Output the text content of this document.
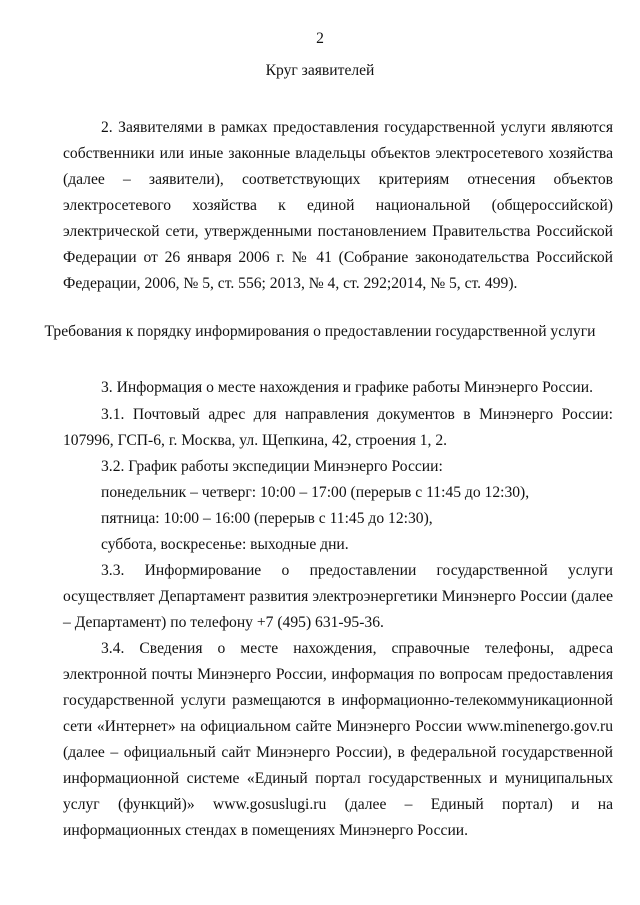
2
Круг заявителей
2. Заявителями в рамках предоставления государственной услуги являются собственники или иные законные владельцы объектов электросетевого хозяйства (далее – заявители), соответствующих критериям отнесения объектов электросетевого хозяйства к единой национальной (общероссийской) электрической сети, утвержденными постановлением Правительства Российской Федерации от 26 января 2006 г. № 41 (Собрание законодательства Российской Федерации, 2006, № 5, ст. 556; 2013, № 4, ст. 292;2014, № 5, ст. 499).
Требования к порядку информирования о предоставлении государственной услуги
3. Информация о месте нахождения и графике работы Минэнерго России.
3.1. Почтовый адрес для направления документов в Минэнерго России: 107996, ГСП-6, г. Москва, ул. Щепкина, 42, строения 1, 2.
3.2. График работы экспедиции Минэнерго России:
понедельник – четверг: 10:00 – 17:00 (перерыв с 11:45 до 12:30),
пятница: 10:00 – 16:00 (перерыв с 11:45 до 12:30),
суббота, воскресенье: выходные дни.
3.3. Информирование о предоставлении государственной услуги осуществляет Департамент развития электроэнергетики Минэнерго России (далее – Департамент) по телефону +7 (495) 631-95-36.
3.4. Сведения о месте нахождения, справочные телефоны, адреса электронной почты Минэнерго России, информация по вопросам предоставления государственной услуги размещаются в информационно-телекоммуникационной сети «Интернет» на официальном сайте Минэнерго России www.minenergo.gov.ru (далее – официальный сайт Минэнерго России), в федеральной государственной информационной системе «Единый портал государственных и муниципальных услуг (функций)» www.gosuslugi.ru (далее – Единый портал) и на информационных стендах в помещениях Минэнерго России.
